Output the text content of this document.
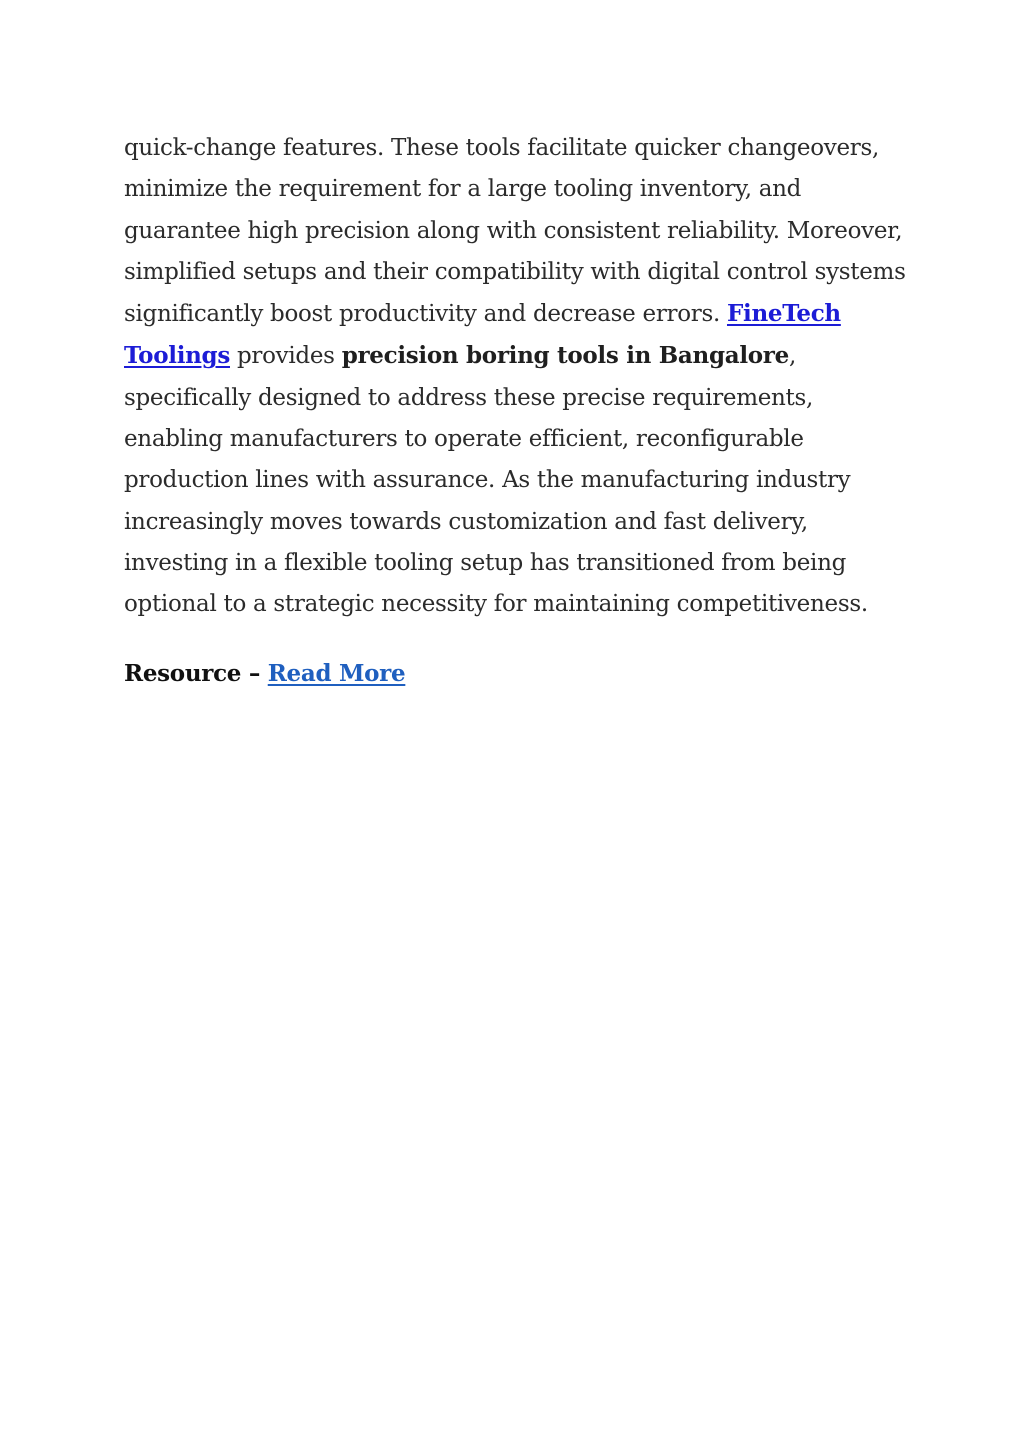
quick-change features. These tools facilitate quicker changeovers, minimize the requirement for a large tooling inventory, and guarantee high precision along with consistent reliability. Moreover, simplified setups and their compatibility with digital control systems significantly boost productivity and decrease errors. FineTech Toolings provides precision boring tools in Bangalore, specifically designed to address these precise requirements, enabling manufacturers to operate efficient, reconfigurable production lines with assurance. As the manufacturing industry increasingly moves towards customization and fast delivery, investing in a flexible tooling setup has transitioned from being optional to a strategic necessity for maintaining competitiveness.

Resource – Read More
